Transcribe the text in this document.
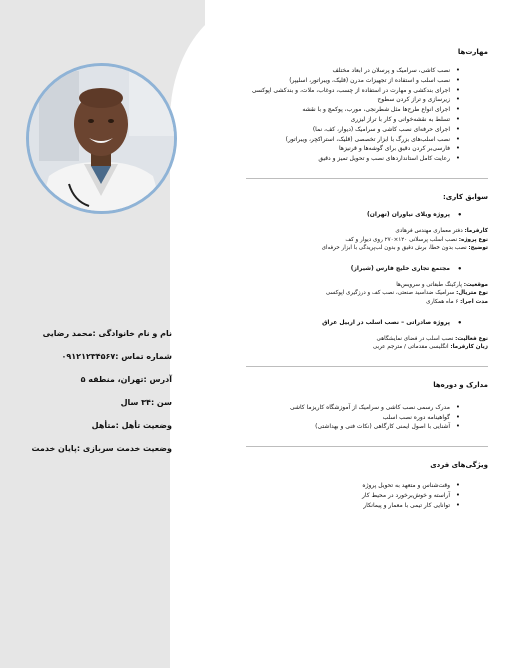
نام و نام خانوادگی :محمد رضایی
شماره تماس :۰۹۱۲۱۲۳۴۵۶۷
آدرس :تهران، منطقه ۵
سن :۳۴ سال
وضعیت تأهل :متأهل
وضعیت خدمت سربازی :پایان خدمت
مهارت‌ها
• نصب کاشی، سرامیک و پرسلان در ابعاد مختلف
• نصب اسلب و استفاده از تجهیزات مدرن (قلیک، ویبراتور، اسلیپر)
• اجرای بندکشی و مهارت در استفاده از چسب، دوغاب، ملات، و بندکشی اپوکسی
• زیرسازی و تراز کردن سطوح
• اجرای انواع طرح‌ها مثل شطرنجی، مورب، پوکمچ و با نقشه
• تسلط به نقشه‌خوانی و کار با تراز لیزری
• اجرای حرفه‌ای نصب کاشی و سرامیک (دیوار، کف، نما)
• نصب اسلب‌های بزرگ با ابزار تخصصی (قلیک، استراکچر، ویبراتور)
• فارسی‌بر کردن دقیق برای گوشه‌ها و قرنیزها
• رعایت کامل استانداردهای نصب و تحویل تمیز و دقیق
سوابق کاری:
• پروژه ویلای نیاوران (تهران)
کارفرما: دفتر معماری مهندس فرهادی
نوع پروژه: نصب اسلب پرسلانی ۱۲۰×۲۷۰ روی دیوار و کف
توضیح: نصب بدون خطا، برش دقیق و بدون لب‌پریدگی با ابزار حرفه‌ای
• مجتمع تجاری خلیج فارس (شیراز)
موقعیت: پارکینگ طبقاتی و سرویس‌ها
نوع متریال: سرامیک ضداسید صنعتی، نصب کف و درزگیری اپوکسی
مدت اجرا: ۶ ماه همکاری
• پروژه صادراتی – نصب اسلب در اربیل عراق
نوع فعالیت: نصب اسلب در فضای نمایشگاهی
زبان کارفرما: انگلیسی مقدماتی / مترجم عربی
مدارک و دوره‌ها
• مدرک رسمی نصب کاشی و سرامیک از آموزشگاه کاریزما کاشی
• گواهینامه دوره نصب اسلب
• آشنایی با اصول ایمنی کارگاهی (نکات فنی و بهداشتی)
ویژگی‌های فردی
• وقت‌شناس و متعهد به تحویل پروژه
• آراسته و خوش‌برخورد در محیط کار
• توانایی کار تیمی با معمار و پیمانکار
